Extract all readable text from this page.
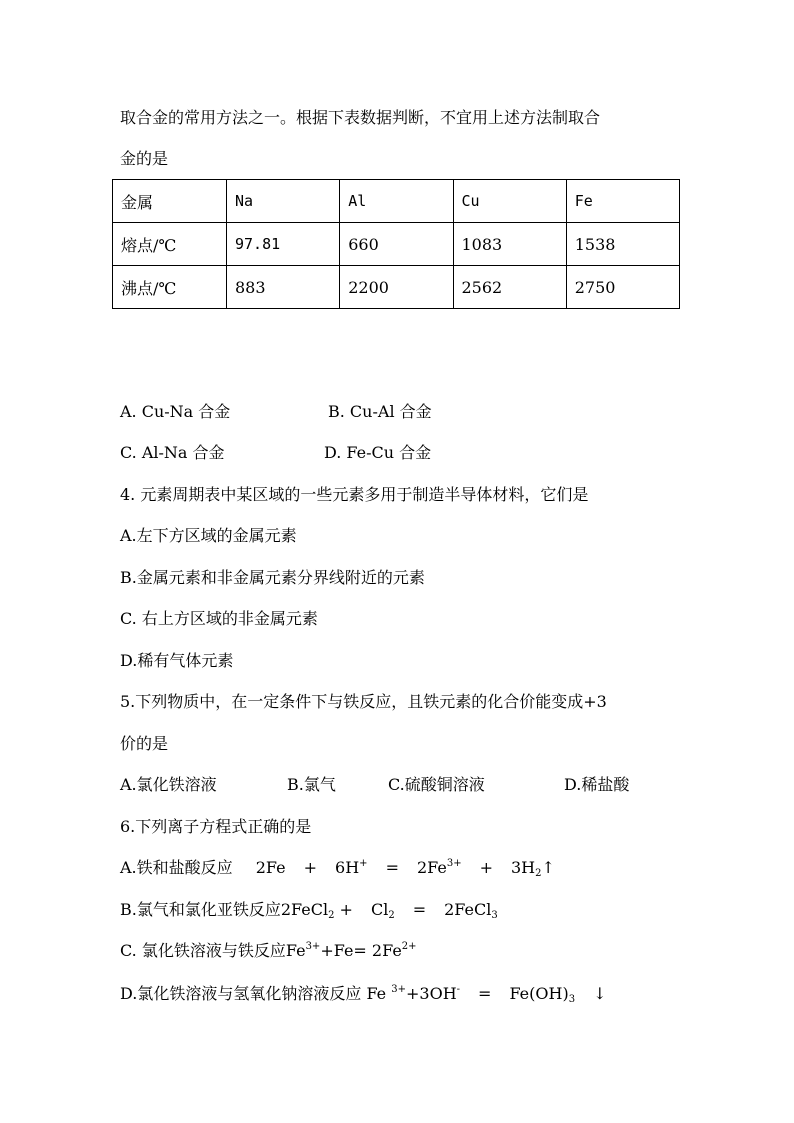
取合金的常用方法之一。根据下表数据判断，不宜用上述方法制取合
金的是
金属	Na	Al	Cu	Fe
熔点/℃	97.81	660	1083	1538
沸点/℃	883	2200	2562	2750
A. Cu-Na 合金	B. Cu-Al 合金
C. Al-Na 合金	D. Fe-Cu 合金
4. 元素周期表中某区域的一些元素多用于制造半导体材料，它们是
A.左下方区域的金属元素
B.金属元素和非金属元素分界线附近的元素
C. 右上方区域的非金属元素
D.稀有气体元素
5.下列物质中，在一定条件下与铁反应，且铁元素的化合价能变成+3
价的是
A.氯化铁溶液	B.氯气	C.硫酸铜溶液	D.稀盐酸
6.下列离子方程式正确的是
A.铁和盐酸反应 $2Fe + 6H^+ = 2Fe^{3+}$ + $3H_2↑$
B.氯气和氯化亚铁反应2FeCl$_2$ + $Cl_2$ = 2FeCl$_3$
C. 氯化铁溶液与铁反应$Fe^{3+}+Fe= 2Fe^{2+}$
D.氯化铁溶液与氢氧化钠溶液反应 Fe $^{3+}+3OH^- = Fe(OH)_3$ ↓
